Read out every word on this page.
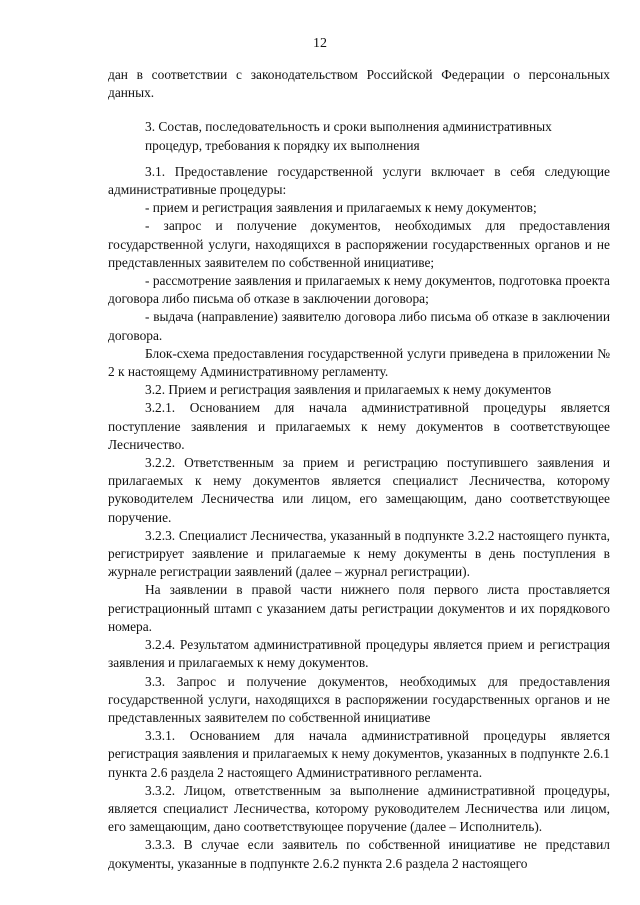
12

дан в соответствии с законодательством Российской Федерации о персональных данных.

3. Состав, последовательность и сроки выполнения административных процедур, требования к порядку их выполнения

3.1. Предоставление государственной услуги включает в себя следующие административные процедуры:

- прием и регистрация заявления и прилагаемых к нему документов;

- запрос и получение документов, необходимых для предоставления государственной услуги, находящихся в распоряжении государственных органов и не представленных заявителем по собственной инициативе;

- рассмотрение заявления и прилагаемых к нему документов, подготовка проекта договора либо письма об отказе в заключении договора;

- выдача (направление) заявителю договора либо письма об отказе в заключении договора.

Блок-схема предоставления государственной услуги приведена в приложении № 2 к настоящему Административному регламенту.

3.2. Прием и регистрация заявления и прилагаемых к нему документов

3.2.1. Основанием для начала административной процедуры является поступление заявления и прилагаемых к нему документов в соответствующее Лесничество.

3.2.2. Ответственным за прием и регистрацию поступившего заявления и прилагаемых к нему документов является специалист Лесничества, которому руководителем Лесничества или лицом, его замещающим, дано соответствующее поручение.

3.2.3. Специалист Лесничества, указанный в подпункте 3.2.2 настоящего пункта, регистрирует заявление и прилагаемые к нему документы в день поступления в журнале регистрации заявлений (далее – журнал регистрации).

На заявлении в правой части нижнего поля первого листа проставляется регистрационный штамп с указанием даты регистрации документов и их порядкового номера.

3.2.4. Результатом административной процедуры является прием и регистрация заявления и прилагаемых к нему документов.

3.3. Запрос и получение документов, необходимых для предоставления государственной услуги, находящихся в распоряжении государственных органов и не представленных заявителем по собственной инициативе

3.3.1. Основанием для начала административной процедуры является регистрация заявления и прилагаемых к нему документов, указанных в подпункте 2.6.1 пункта 2.6 раздела 2 настоящего Административного регламента.

3.3.2. Лицом, ответственным за выполнение административной процедуры, является специалист Лесничества, которому руководителем Лесничества или лицом, его замещающим, дано соответствующее поручение (далее – Исполнитель).

3.3.3. В случае если заявитель по собственной инициативе не представил документы, указанные в подпункте 2.6.2 пункта 2.6 раздела 2 настоящего
